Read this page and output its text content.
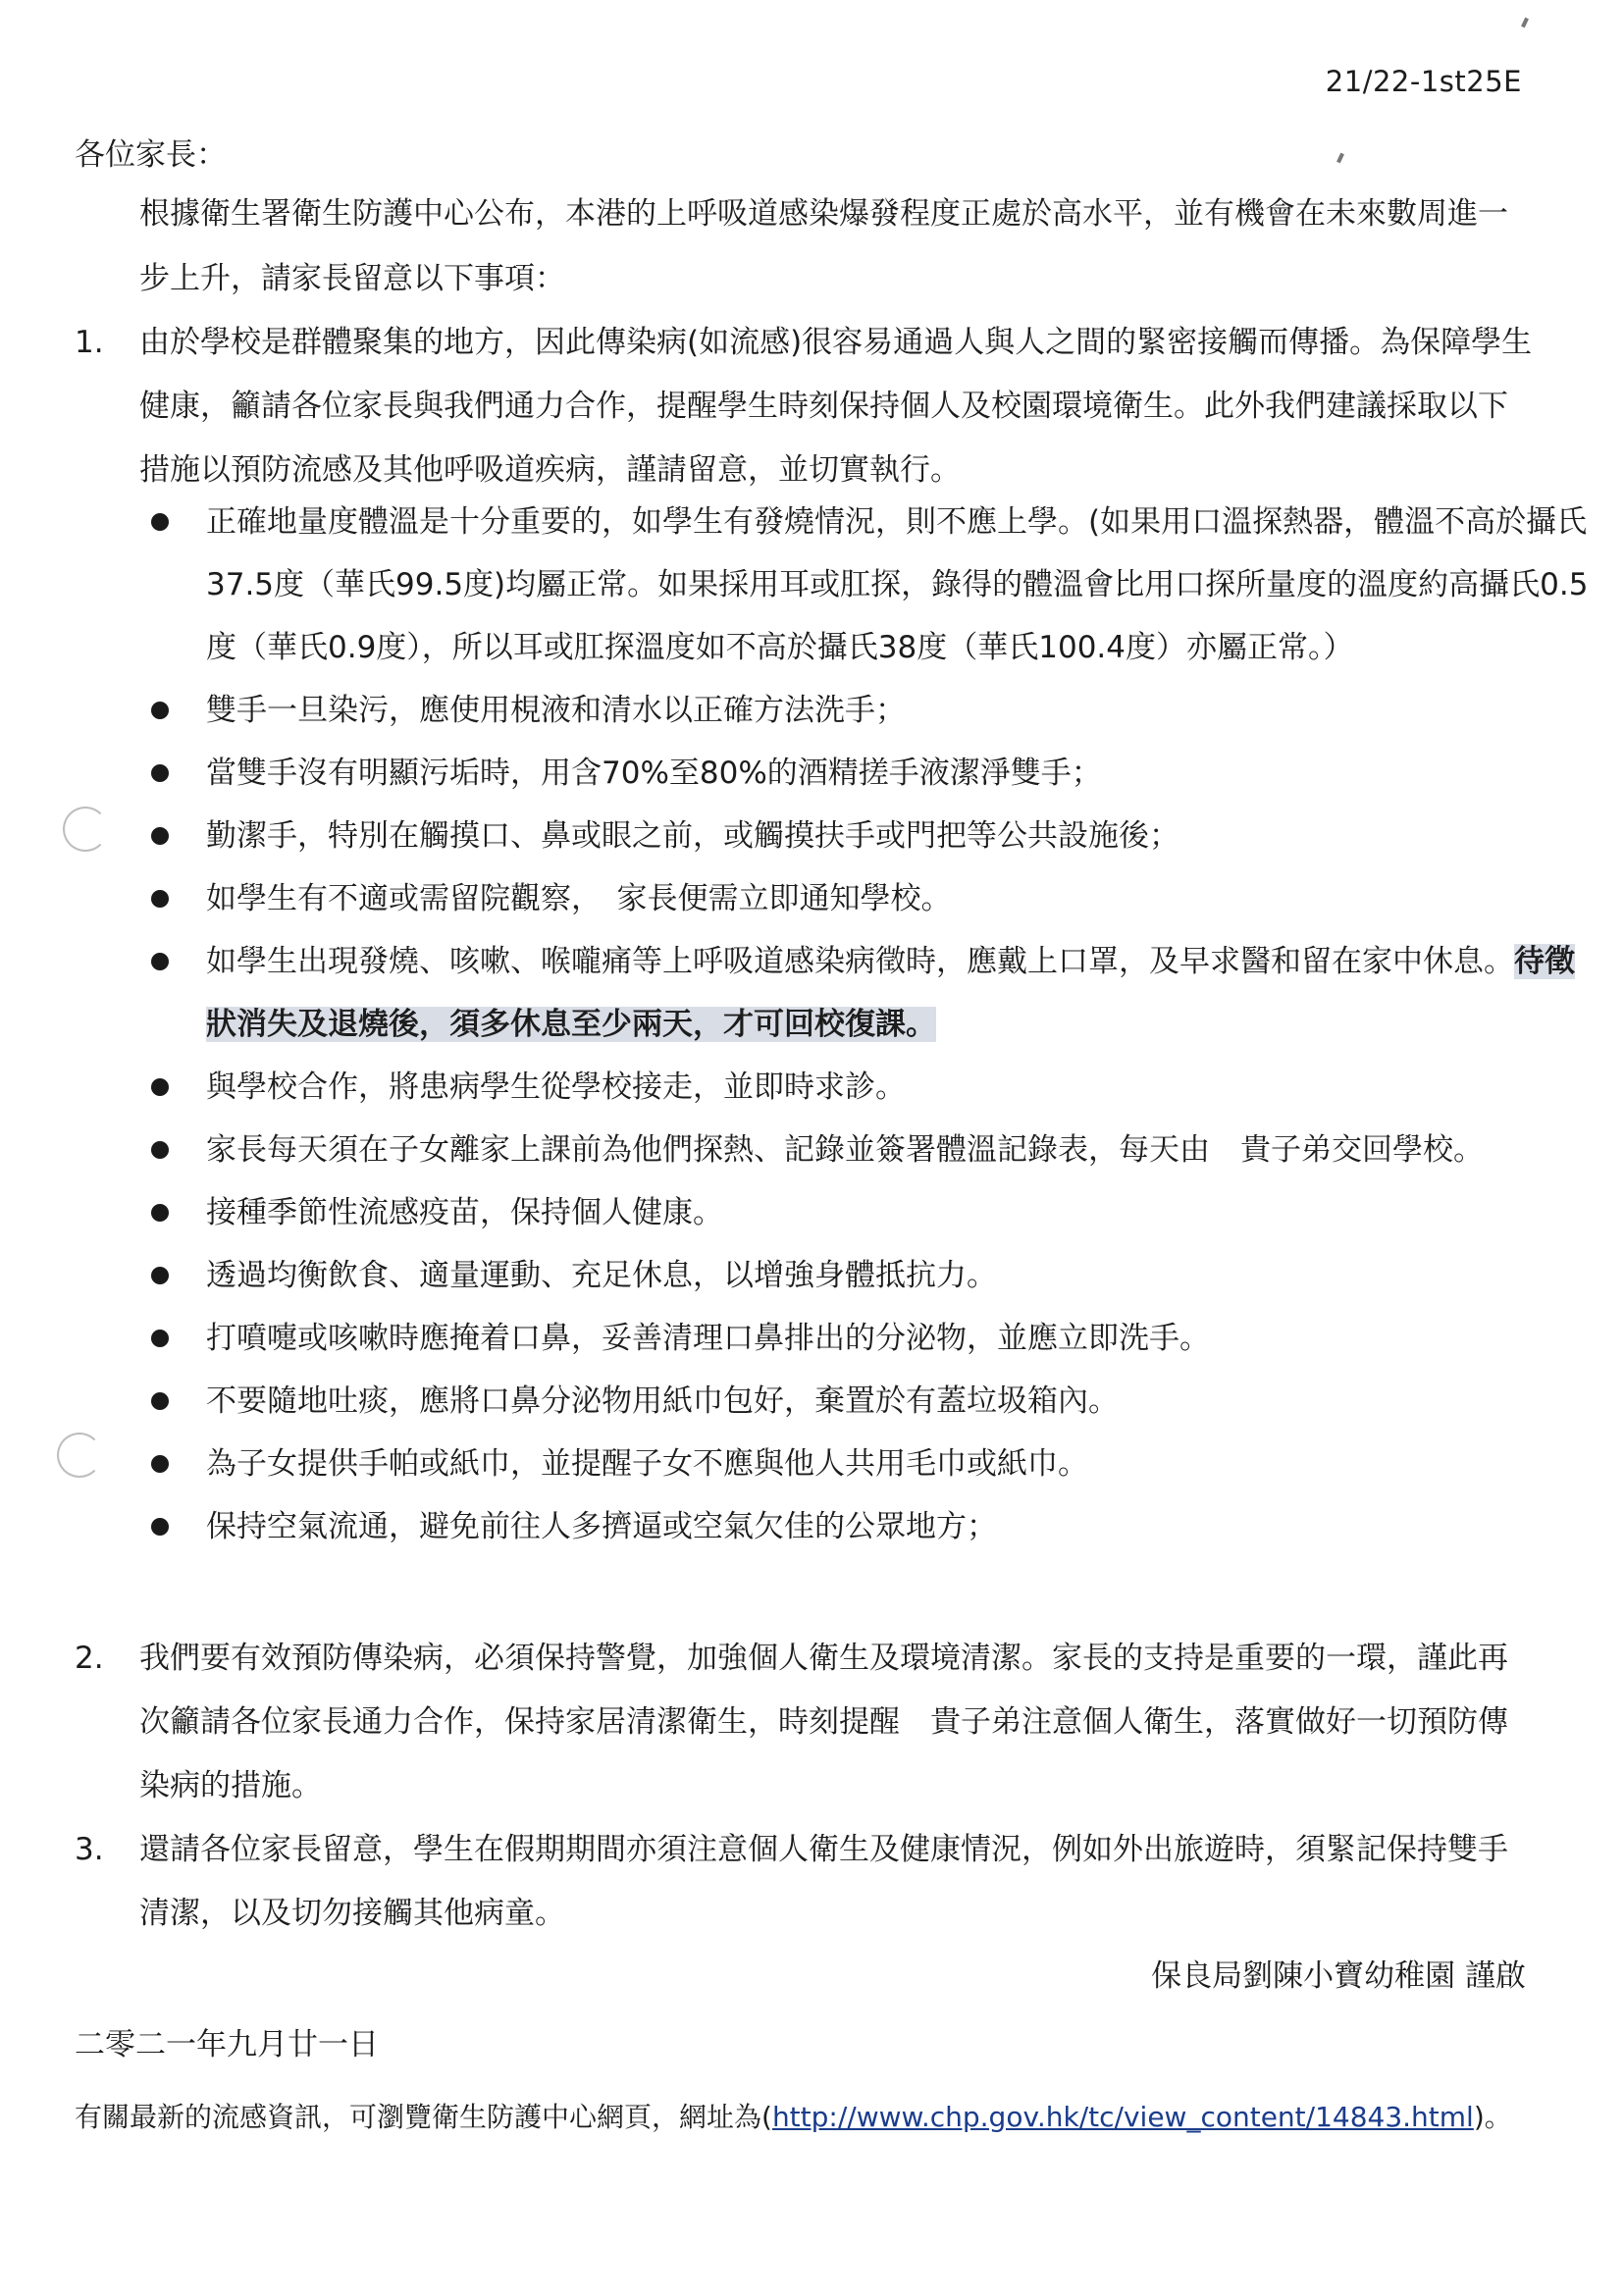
21/22-1st25E
各位家長：
根據衛生署衛生防護中心公布，本港的上呼吸道感染爆發程度正處於高水平，並有機會在未來數周進一步上升，請家長留意以下事項：
1.	由於學校是群體聚集的地方，因此傳染病(如流感)很容易通過人與人之間的緊密接觸而傳播。為保障學生健康，籲請各位家長與我們通力合作，提醒學生時刻保持個人及校園環境衛生。此外我們建議採取以下措施以預防流感及其他呼吸道疾病，謹請留意，並切實執行。
正確地量度體溫是十分重要的，如學生有發燒情況，則不應上學。(如果用口溫探熱器，體溫不高於攝氏37.5度（華氏99.5度)均屬正常。如果採用耳或肛探，錄得的體溫會比用口探所量度的溫度約高攝氏0.5度（華氏0.9度），所以耳或肛探溫度如不高於攝氏38度（華氏100.4度）亦屬正常。）
雙手一旦染污，應使用梘液和清水以正確方法洗手；
當雙手沒有明顯污垢時，用含70%至80%的酒精搓手液潔淨雙手；
勤潔手，特別在觸摸口、鼻或眼之前，或觸摸扶手或門把等公共設施後；
如學生有不適或需留院觀察，　家長便需立即通知學校。
如學生出現發燒、咳嗽、喉嚨痛等上呼吸道感染病徵時，應戴上口罩，及早求醫和留在家中休息。待徵狀消失及退燒後，須多休息至少兩天，才可回校復課。
與學校合作，將患病學生從學校接走，並即時求診。
家長每天須在子女離家上課前為他們探熱、記錄並簽署體溫記錄表，每天由　貴子弟交回學校。
接種季節性流感疫苗，保持個人健康。
透過均衡飲食、適量運動、充足休息，以增強身體抵抗力。
打噴嚏或咳嗽時應掩着口鼻，妥善清理口鼻排出的分泌物，並應立即洗手。
不要隨地吐痰，應將口鼻分泌物用紙巾包好，棄置於有蓋垃圾箱內。
為子女提供手帕或紙巾，並提醒子女不應與他人共用毛巾或紙巾。
保持空氣流通，避免前往人多擠逼或空氣欠佳的公眾地方；
2.	我們要有效預防傳染病，必須保持警覺，加強個人衛生及環境清潔。家長的支持是重要的一環，謹此再次籲請各位家長通力合作，保持家居清潔衛生，時刻提醒　貴子弟注意個人衛生，落實做好一切預防傳染病的措施。
3.	還請各位家長留意，學生在假期期間亦須注意個人衛生及健康情況，例如外出旅遊時，須緊記保持雙手清潔，以及切勿接觸其他病童。
保良局劉陳小寶幼稚園 謹啟
二零二一年九月廿一日
有關最新的流感資訊，可瀏覽衛生防護中心網頁，網址為(http://www.chp.gov.hk/tc/view_content/14843.html)。
